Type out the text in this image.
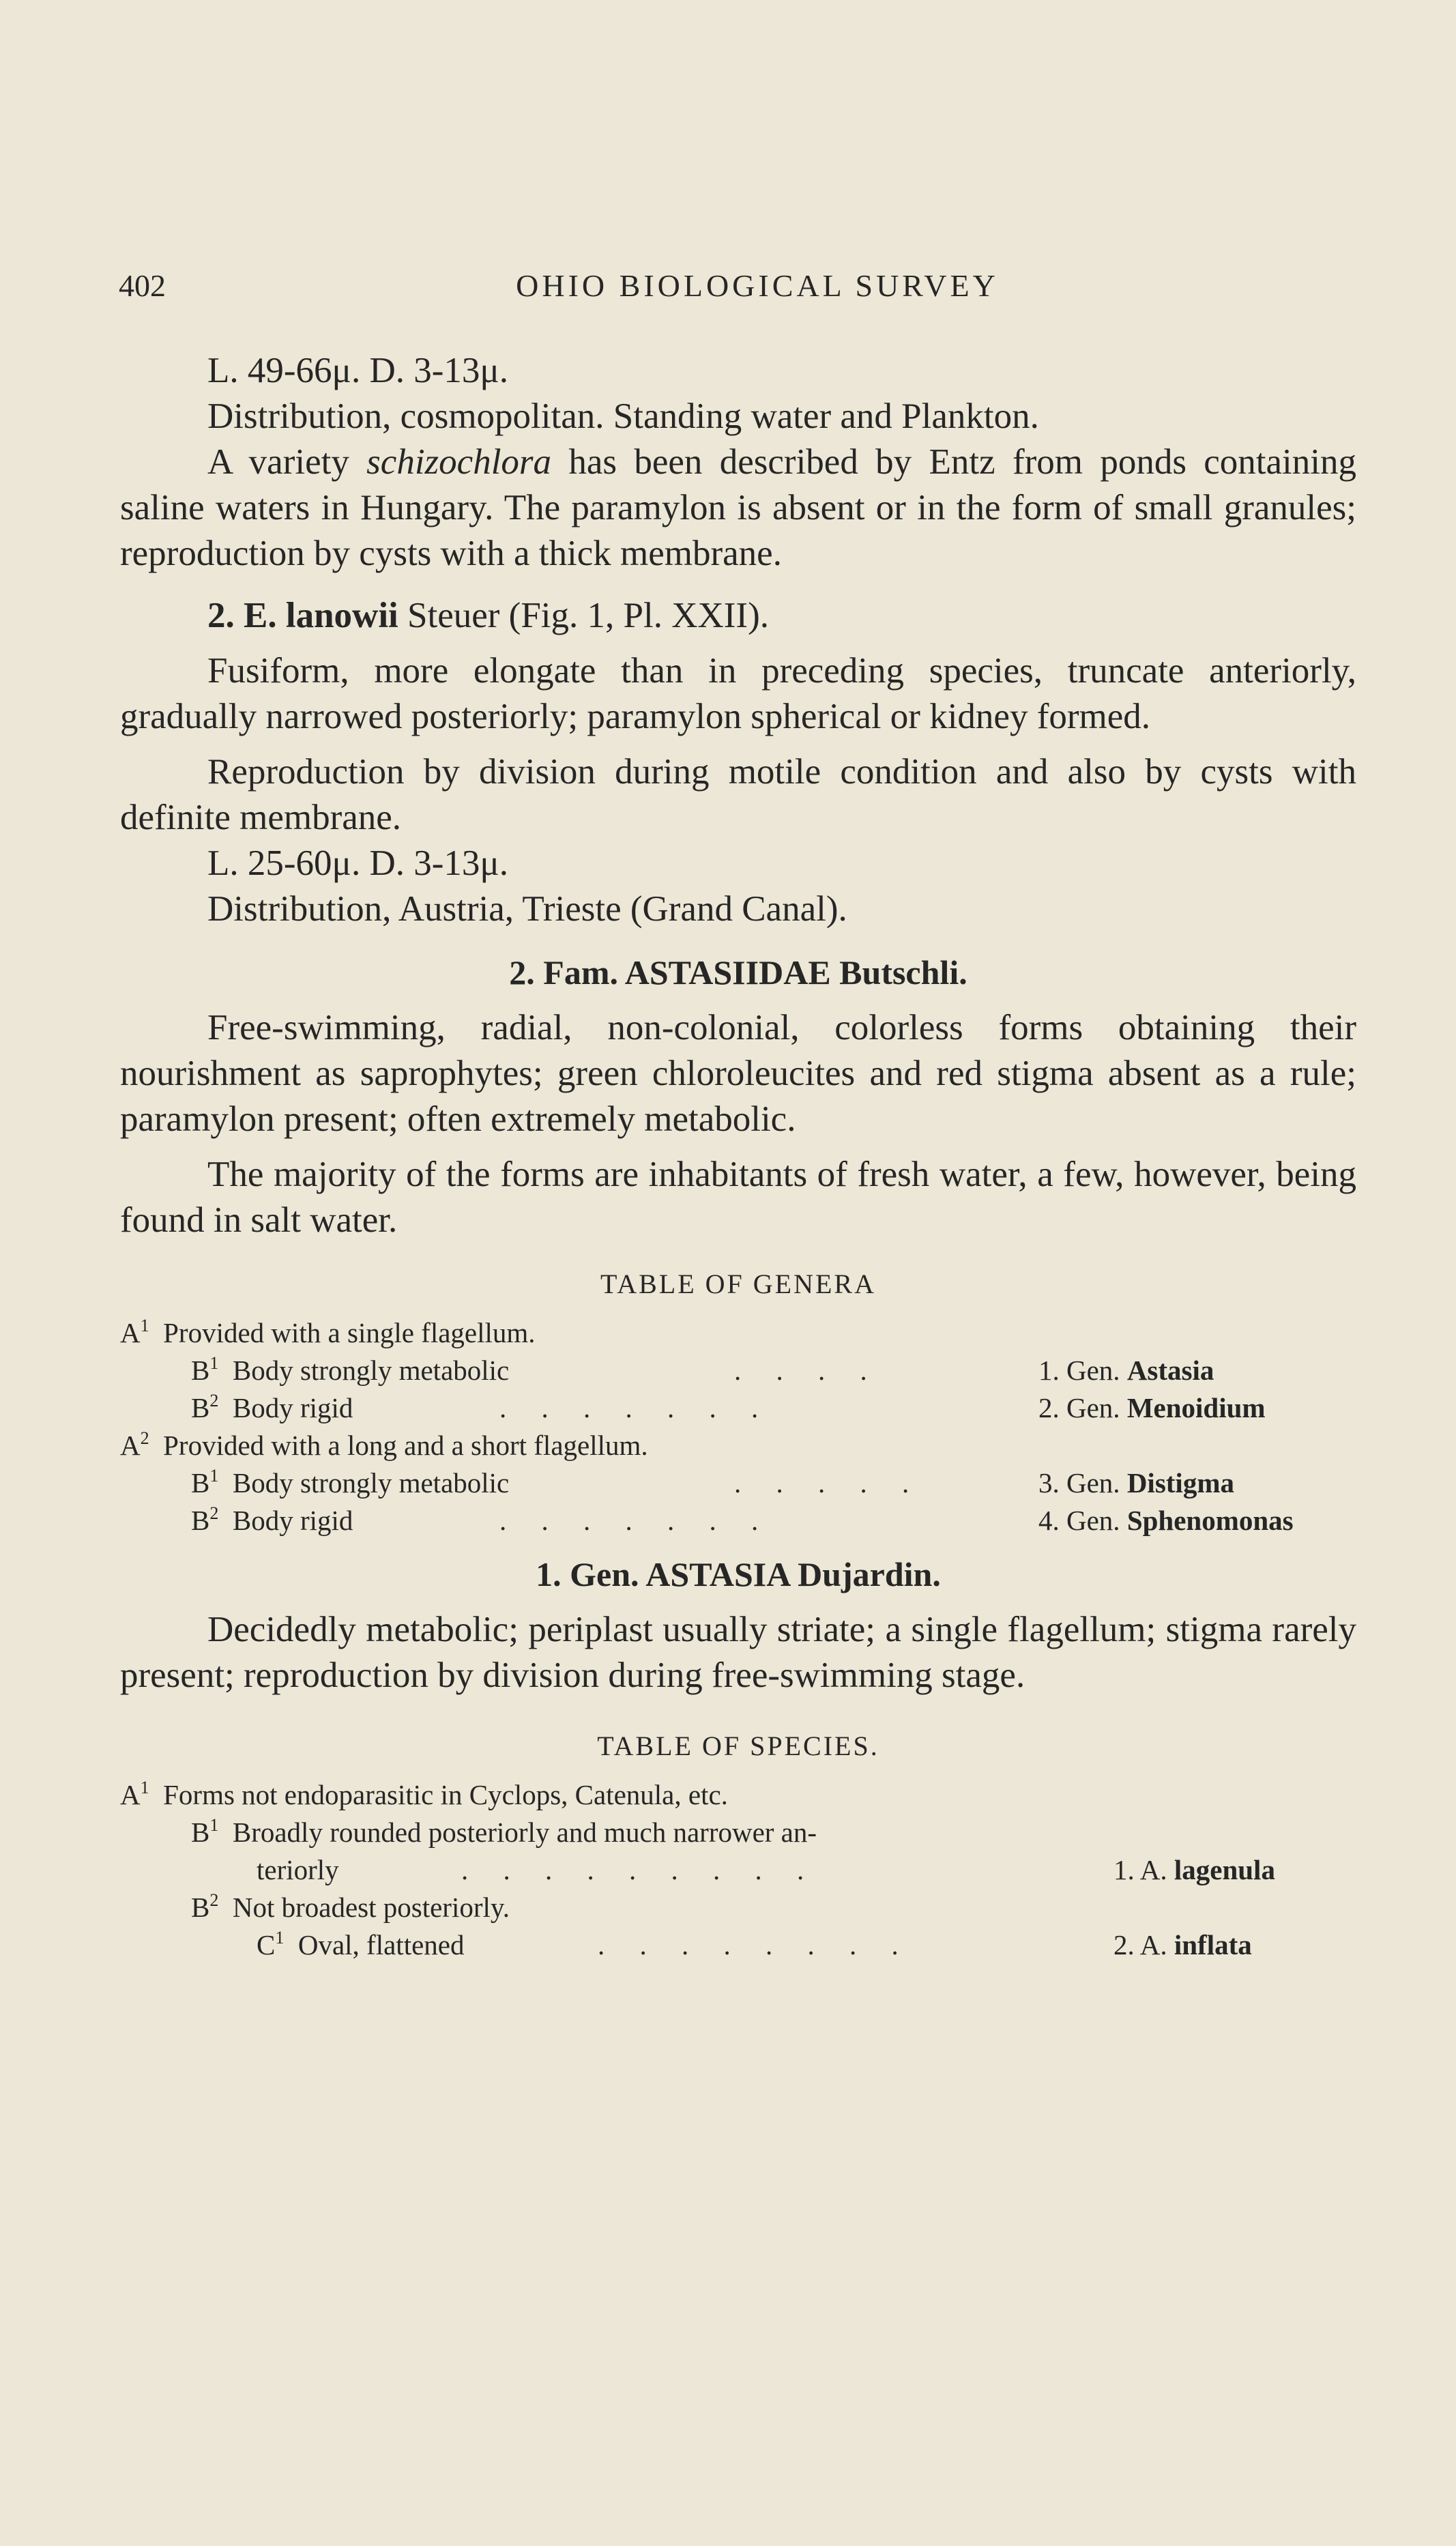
402	OHIO BIOLOGICAL SURVEY

L. 49-66μ. D. 3-13μ.

Distribution, cosmopolitan. Standing water and Plankton.

A variety schizochlora has been described by Entz from ponds containing saline waters in Hungary. The paramylon is absent or in the form of small granules; reproduction by cysts with a thick membrane.

2. E. lanowii Steuer (Fig. 1, Pl. XXII).

Fusiform, more elongate than in preceding species, truncate anteriorly, gradually narrowed posteriorly; paramylon spherical or kidney formed.

Reproduction by division during motile condition and also by cysts with definite membrane.

L. 25-60μ. D. 3-13μ.

Distribution, Austria, Trieste (Grand Canal).

2. Fam. ASTASIIDAE Butschli.

Free-swimming, radial, non-colonial, colorless forms obtaining their nourishment as saprophytes; green chloroleucites and red stigma absent as a rule; paramylon present; often extremely metabolic.

The majority of the forms are inhabitants of fresh water, a few, however, being found in salt water.

TABLE OF GENERA
$A^1$ Provided with a single flagellum.
$B^1$ Body strongly metabolic	.     .     .     .	1. Gen. Astasia
$B^2$ Body rigid	.     .     .     .     .     .     .	2. Gen. Menoidium
$A^2$ Provided with a long and a short flagellum.
$B^1$ Body strongly metabolic	.     .     .     .     .	3. Gen. Distigma
$B^2$ Body rigid	.     .     .     .     .     .     .	4. Gen. Sphenomonas
1. Gen. ASTASIA Dujardin.

Decidedly metabolic; periplast usually striate; a single flagellum; stigma rarely present; reproduction by division during free-swimming stage.

TABLE OF SPECIES.
$A^1$ Forms not endoparasitic in Cyclops, Catenula, etc.
$B^1$ Broadly rounded posteriorly and much narrower an-
teriorly	.     .     .     .     .     .     .     .     .	1. A. lagenula
$B^2$ Not broadest posteriorly.
$C^1$ Oval, flattened	.     .     .     .     .     .     .     .	2. A. inflata
